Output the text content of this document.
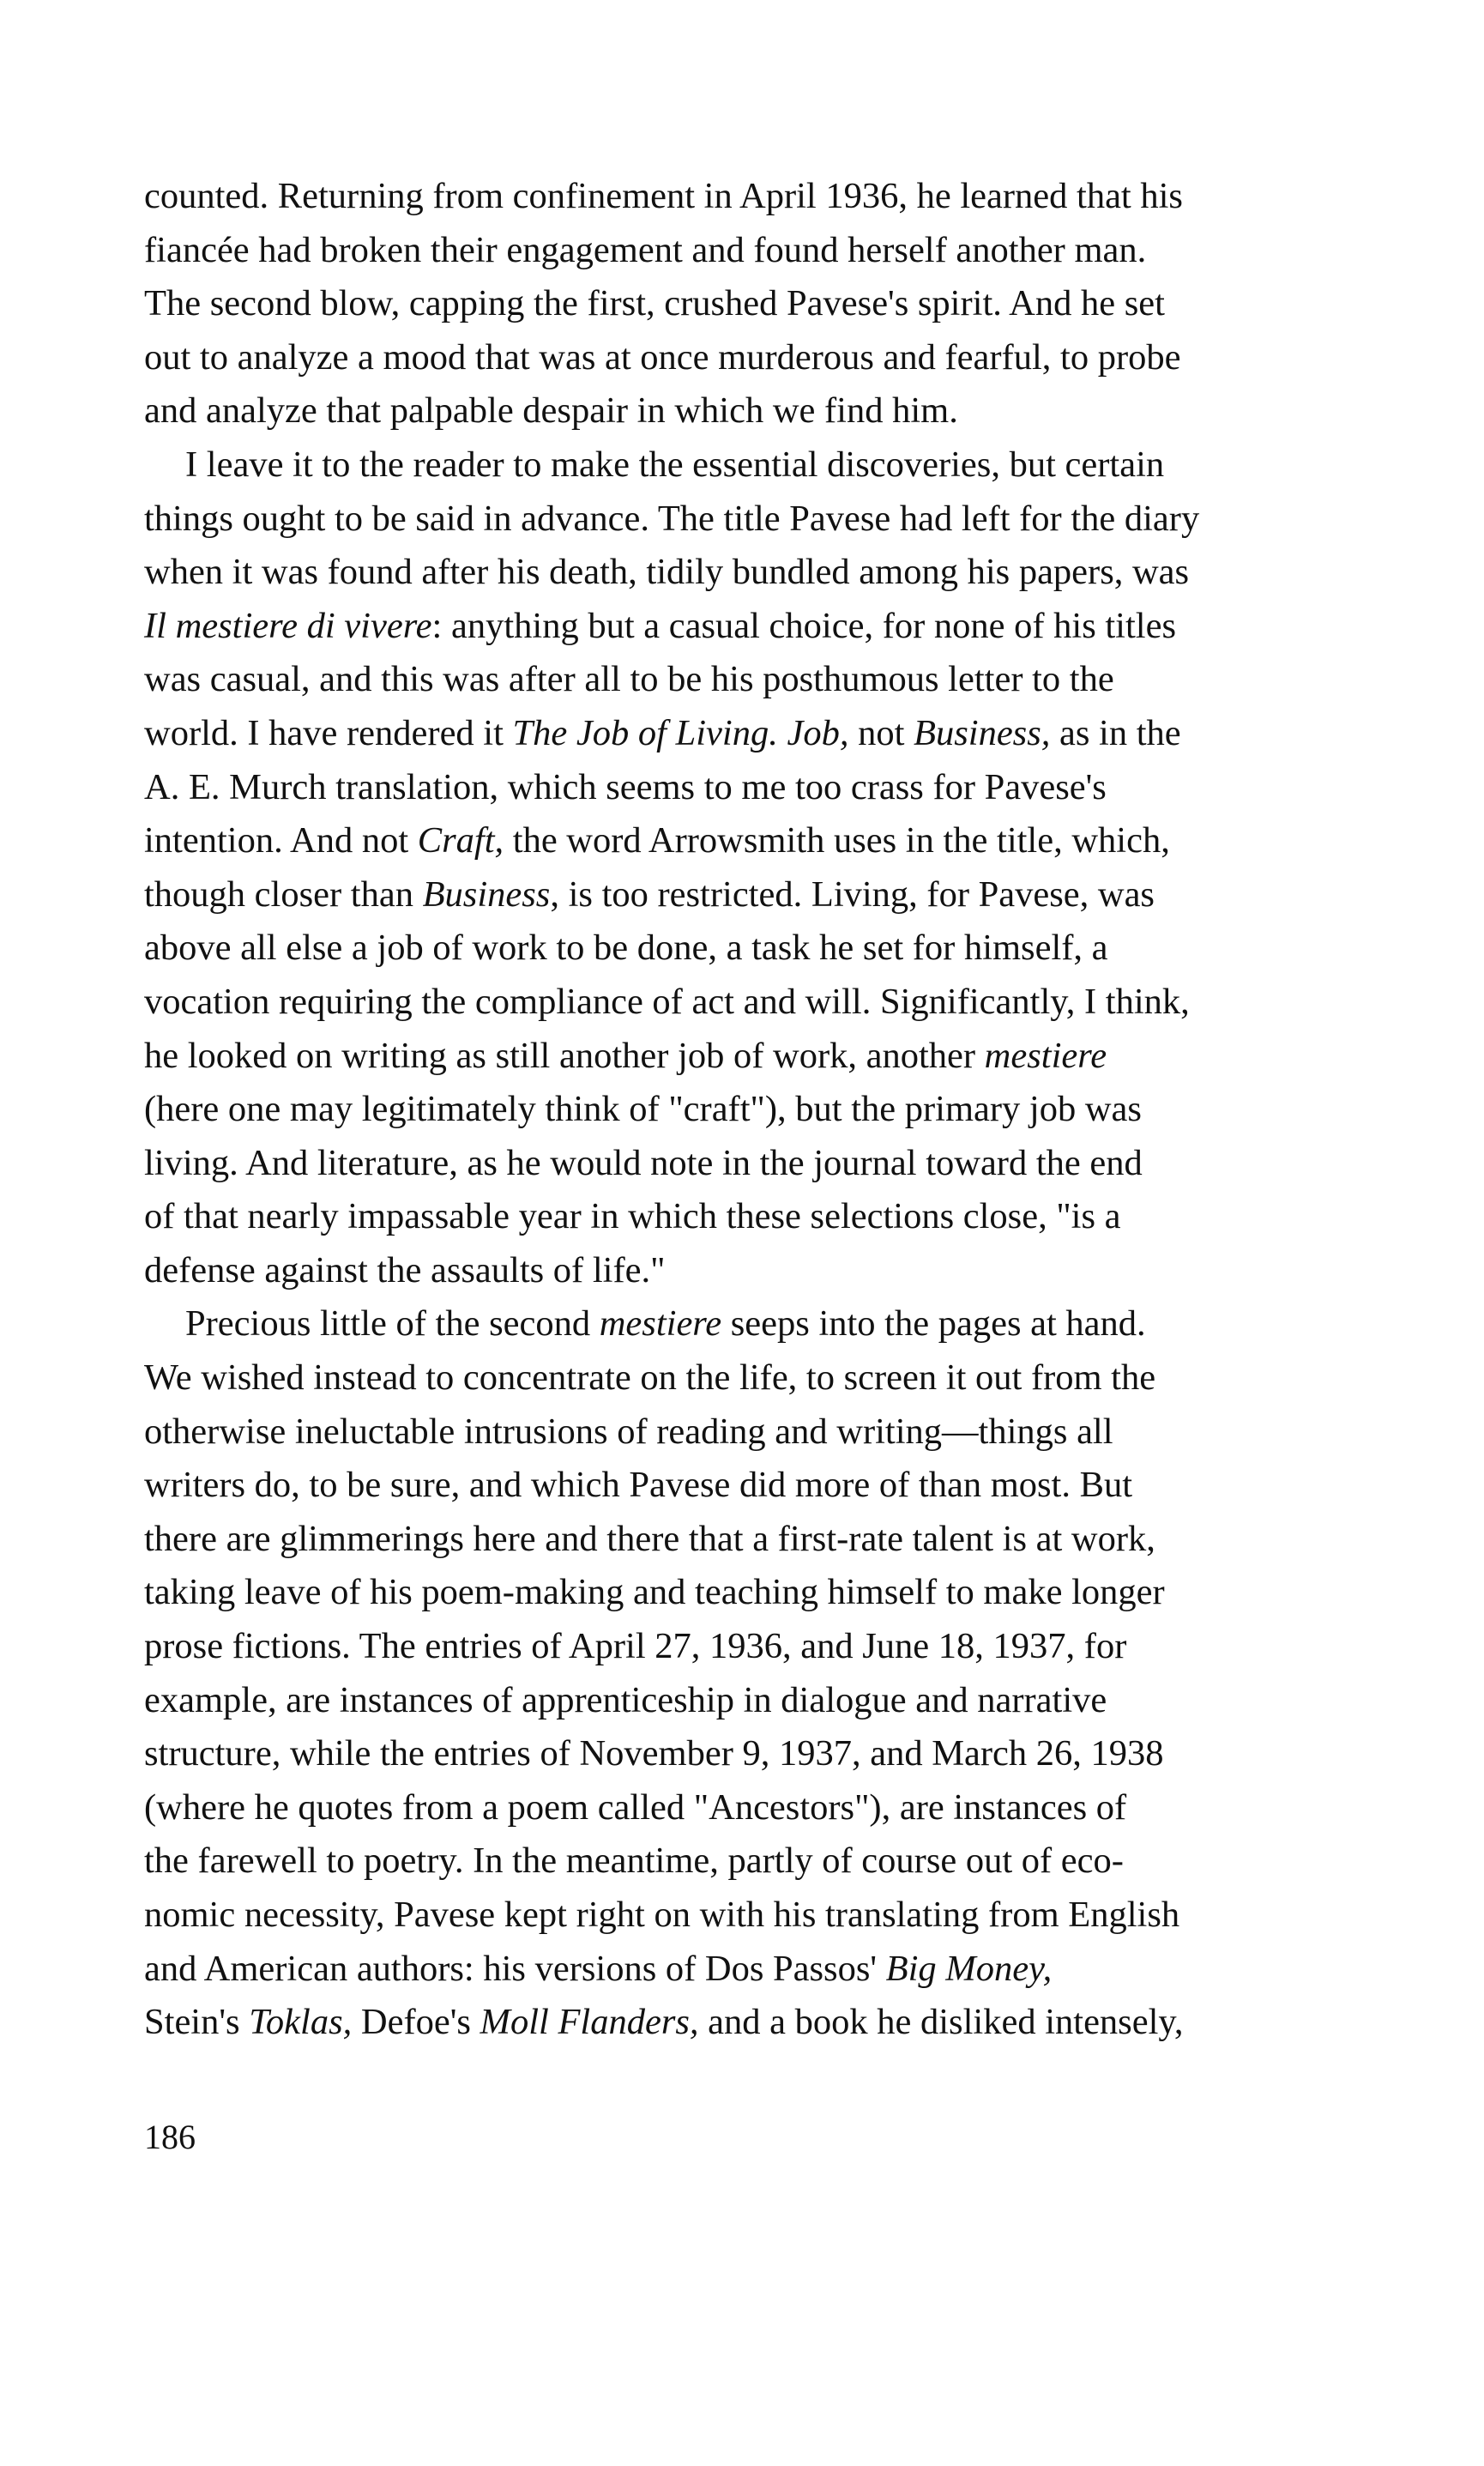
counted. Returning from confinement in April 1936, he learned that his
fiancée had broken their engagement and found herself another man.
The second blow, capping the first, crushed Pavese's spirit. And he set
out to analyze a mood that was at once murderous and fearful, to probe
and analyze that palpable despair in which we find him.
I leave it to the reader to make the essential discoveries, but certain
things ought to be said in advance. The title Pavese had left for the diary
when it was found after his death, tidily bundled among his papers, was
Il mestiere di vivere: anything but a casual choice, for none of his titles
was casual, and this was after all to be his posthumous letter to the
world. I have rendered it The Job of Living. Job, not Business, as in the
A. E. Murch translation, which seems to me too crass for Pavese's
intention. And not Craft, the word Arrowsmith uses in the title, which,
though closer than Business, is too restricted. Living, for Pavese, was
above all else a job of work to be done, a task he set for himself, a
vocation requiring the compliance of act and will. Significantly, I think,
he looked on writing as still another job of work, another mestiere
(here one may legitimately think of "craft"), but the primary job was
living. And literature, as he would note in the journal toward the end
of that nearly impassable year in which these selections close, "is a
defense against the assaults of life."
Precious little of the second mestiere seeps into the pages at hand.
We wished instead to concentrate on the life, to screen it out from the
otherwise ineluctable intrusions of reading and writing—things all
writers do, to be sure, and which Pavese did more of than most. But
there are glimmerings here and there that a first-rate talent is at work,
taking leave of his poem-making and teaching himself to make longer
prose fictions. The entries of April 27, 1936, and June 18, 1937, for
example, are instances of apprenticeship in dialogue and narrative
structure, while the entries of November 9, 1937, and March 26, 1938
(where he quotes from a poem called "Ancestors"), are instances of
the farewell to poetry. In the meantime, partly of course out of eco-
nomic necessity, Pavese kept right on with his translating from English
and American authors: his versions of Dos Passos' Big Money,
Stein's Toklas, Defoe's Moll Flanders, and a book he disliked intensely,
186
